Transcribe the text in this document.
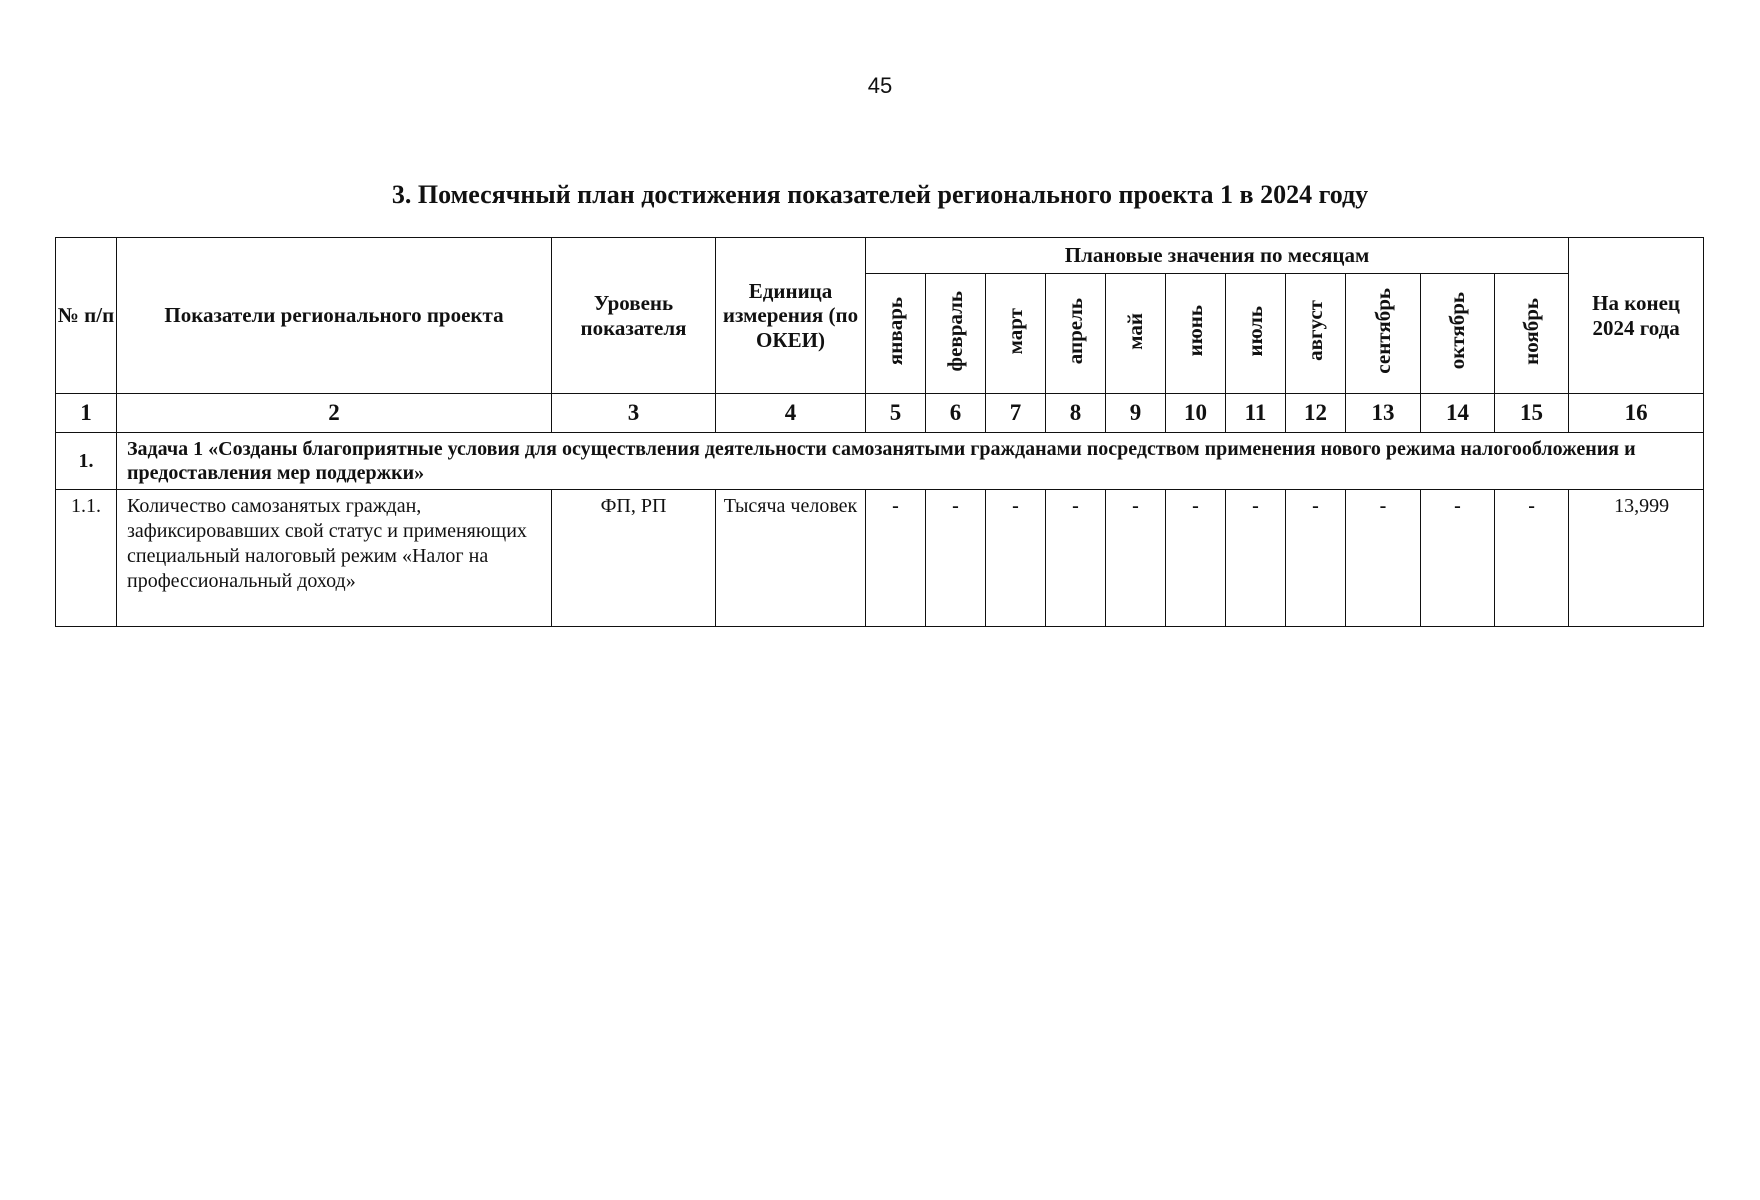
45
3. Помесячный план достижения показателей регионального проекта 1 в 2024 году
№ п/п	Показатели регионального проекта	Уровень показателя	Единица измерения (по ОКЕИ)	Плановые значения по месяцам											На конец 2024 года
				январь	февраль	март	апрель	май	июнь	июль	август	сентябрь	октябрь	ноябрь	
1	2	3	4	5	6	7	8	9	10	11	12	13	14	15	16
1.	Задача 1 «Созданы благоприятные условия для осуществления деятельности самозанятыми гражданами посредством применения нового режима налогообложения и предоставления мер поддержки»														
1.1.	Количество самозанятых граждан, зафиксировавших свой статус и применяющих специальный налоговый режим «Налог на профессиональный доход»	ФП, РП	Тысяча человек	-	-	-	-	-	-	-	-	-	-	-	13,999
